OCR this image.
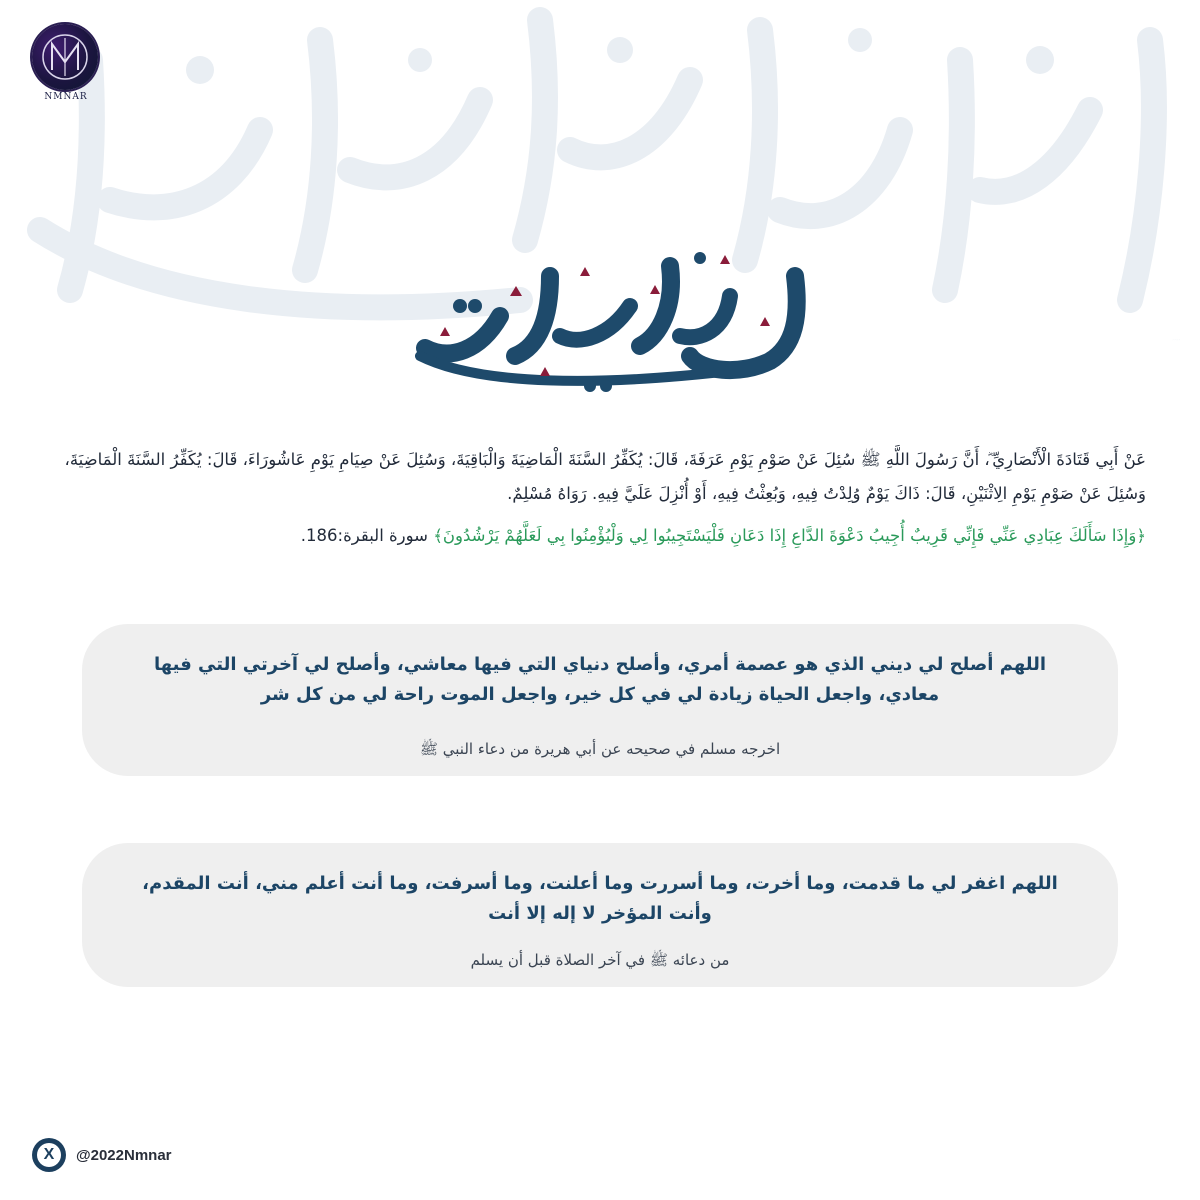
كل عام وأنتم بخير
NMNAR
يوم عرفة

عَنْ أَبِي قَتَادَةَ الْأَنْصَارِيِّ ؓ، أَنَّ رَسُولَ اللَّهِ ﷺ سُئِلَ عَنْ صَوْمِ يَوْمِ عَرَفَةَ، قَالَ: يُكَفِّرُ السَّنَةَ الْمَاضِيَةَ وَالْبَاقِيَةَ، وَسُئِلَ عَنْ صِيَامِ يَوْمِ عَاشُورَاءَ، قَالَ: يُكَفِّرُ السَّنَةَ الْمَاضِيَةَ، وَسُئِلَ عَنْ صَوْمِ يَوْمِ الِاثْنَيْنِ، قَالَ: ذَاكَ يَوْمٌ وُلِدْتُ فِيهِ، وَبُعِثْتُ فِيهِ، أَوْ أُنْزِلَ عَلَيَّ فِيهِ. رَوَاهُ مُسْلِمٌ.

﴿وَإِذَا سَأَلَكَ عِبَادِي عَنِّي فَإِنِّي قَرِيبٌ أُجِيبُ دَعْوَةَ الدَّاعِ إِذَا دَعَانِ فَلْيَسْتَجِيبُوا لِي وَلْيُؤْمِنُوا بِي لَعَلَّهُمْ يَرْشُدُونَ﴾ سورة البقرة:186.

اللهم أصلح لي ديني الذي هو عصمة أمري، وأصلح دنياي التي فيها معاشي، وأصلح لي آخرتي التي فيها معادي، واجعل الحياة زيادة لي في كل خير، واجعل الموت راحة لي من كل شر

اخرجه مسلم في صحيحه عن أبي هريرة من دعاء النبي ﷺ

اللهم اغفر لي ما قدمت، وما أخرت، وما أسررت وما أعلنت، وما أسرفت، وما أنت أعلم مني، أنت المقدم، وأنت المؤخر لا إله إلا أنت

من دعائه ﷺ في آخر الصلاة قبل أن يسلم

X	@2022Nmnar
